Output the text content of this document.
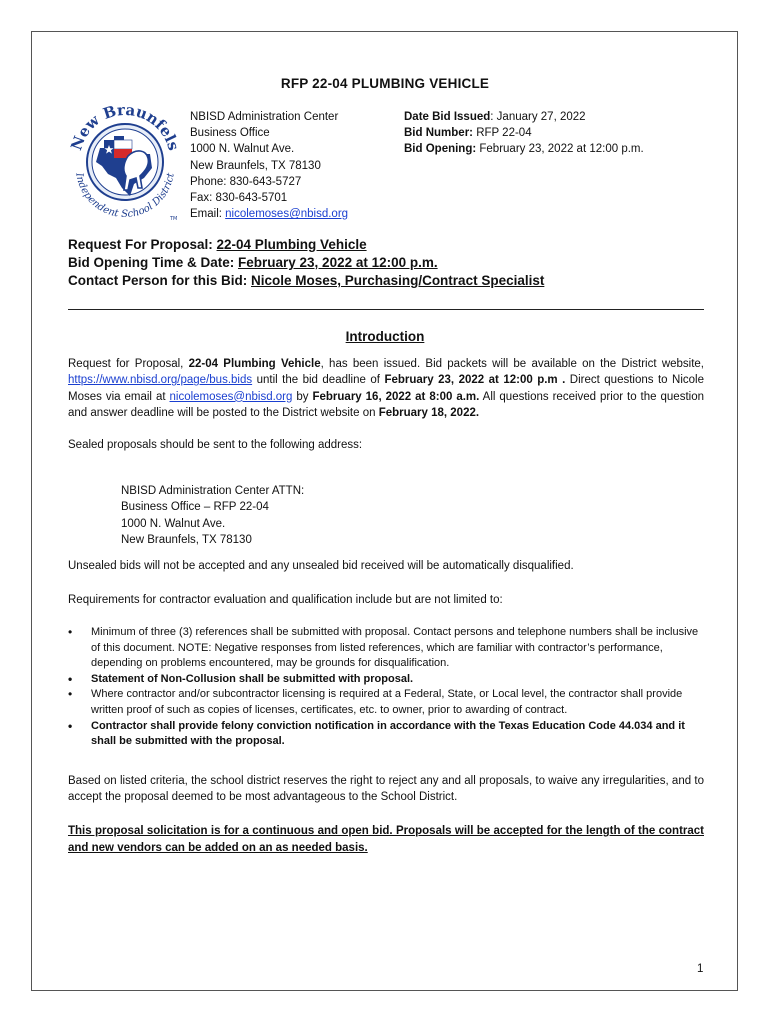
RFP 22-04 PLUMBING VEHICLE
New Braunfels
Independent School District
TM
NBISD Administration Center
Business Office
1000 N. Walnut Ave.
New Braunfels, TX 78130
Phone: 830-643-5727
Fax: 830-643-5701
Email: nicolemoses@nbisd.org
Date Bid Issued: January 27, 2022
Bid Number: RFP 22-04
Bid Opening: February 23, 2022 at 12:00 p.m.
Request For Proposal: 22-04 Plumbing Vehicle
Bid Opening Time & Date: February 23, 2022 at 12:00 p.m.
Contact Person for this Bid: Nicole Moses, Purchasing/Contract Specialist
Introduction
Request for Proposal, 22-04 Plumbing Vehicle, has been issued. Bid packets will be available on the District website, https://www.nbisd.org/page/bus.bids until the bid deadline of February 23, 2022 at 12:00 p.m . Direct questions to Nicole Moses via email at nicolemoses@nbisd.org by February 16, 2022 at 8:00 a.m. All questions received prior to the question and answer deadline will be posted to the District website on February 18, 2022.
Sealed proposals should be sent to the following address:
NBISD Administration Center ATTN:
Business Office – RFP 22-04
1000 N. Walnut Ave.
New Braunfels, TX 78130
Unsealed bids will not be accepted and any unsealed bid received will be automatically disqualified.
Requirements for contractor evaluation and qualification include but are not limited to:
• Minimum of three (3) references shall be submitted with proposal. Contact persons and telephone numbers shall be inclusive of this document. NOTE: Negative responses from listed references, which are familiar with contractor’s performance, depending on problems encountered, may be grounds for disqualification.
• Statement of Non-Collusion shall be submitted with proposal.
• Where contractor and/or subcontractor licensing is required at a Federal, State, or Local level, the contractor shall provide written proof of such as copies of licenses, certificates, etc. to owner, prior to awarding of contract.
• Contractor shall provide felony conviction notification in accordance with the Texas Education Code 44.034 and it shall be submitted with the proposal.
Based on listed criteria, the school district reserves the right to reject any and all proposals, to waive any irregularities, and to accept the proposal deemed to be most advantageous to the School District.
This proposal solicitation is for a continuous and open bid. Proposals will be accepted for the length of the contract and new vendors can be added on an as needed basis.
1
